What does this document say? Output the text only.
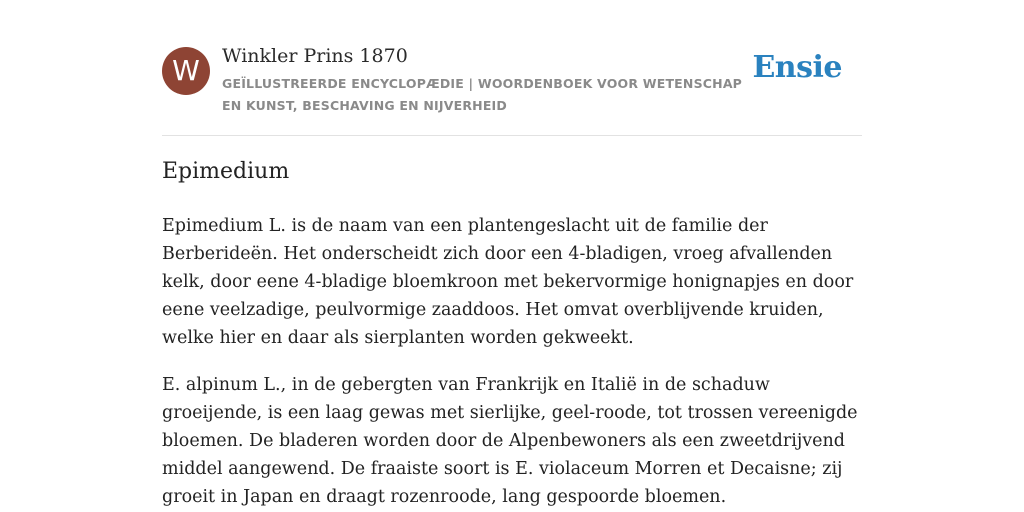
W Winkler Prins 1870
GEÏLLUSTREERDE ENCYCLOPÆDIE | WOORDENBOEK VOOR WETENSCHAP EN KUNST, BESCHAVING EN NIJVERHEID
Ensie
Epimedium

Epimedium L. is de naam van een plantengeslacht uit de familie der Berberideën. Het onderscheidt zich door een 4-bladigen, vroeg afvallenden kelk, door eene 4-bladige bloemkroon met bekervormige honignapjes en door eene veelzadige, peulvormige zaaddoos. Het omvat overblijvende kruiden, welke hier en daar als sierplanten worden gekweekt.

E. alpinum L., in de gebergten van Frankrijk en Italië in de schaduw groeijende, is een laag gewas met sierlijke, geel-roode, tot trossen vereenigde bloemen. De bladeren worden door de Alpenbewoners als een zweetdrijvend middel aangewend. De fraaiste soort is E. violaceum Morren et Decaisne; zij groeit in Japan en draagt rozenroode, lang gespoorde bloemen.
